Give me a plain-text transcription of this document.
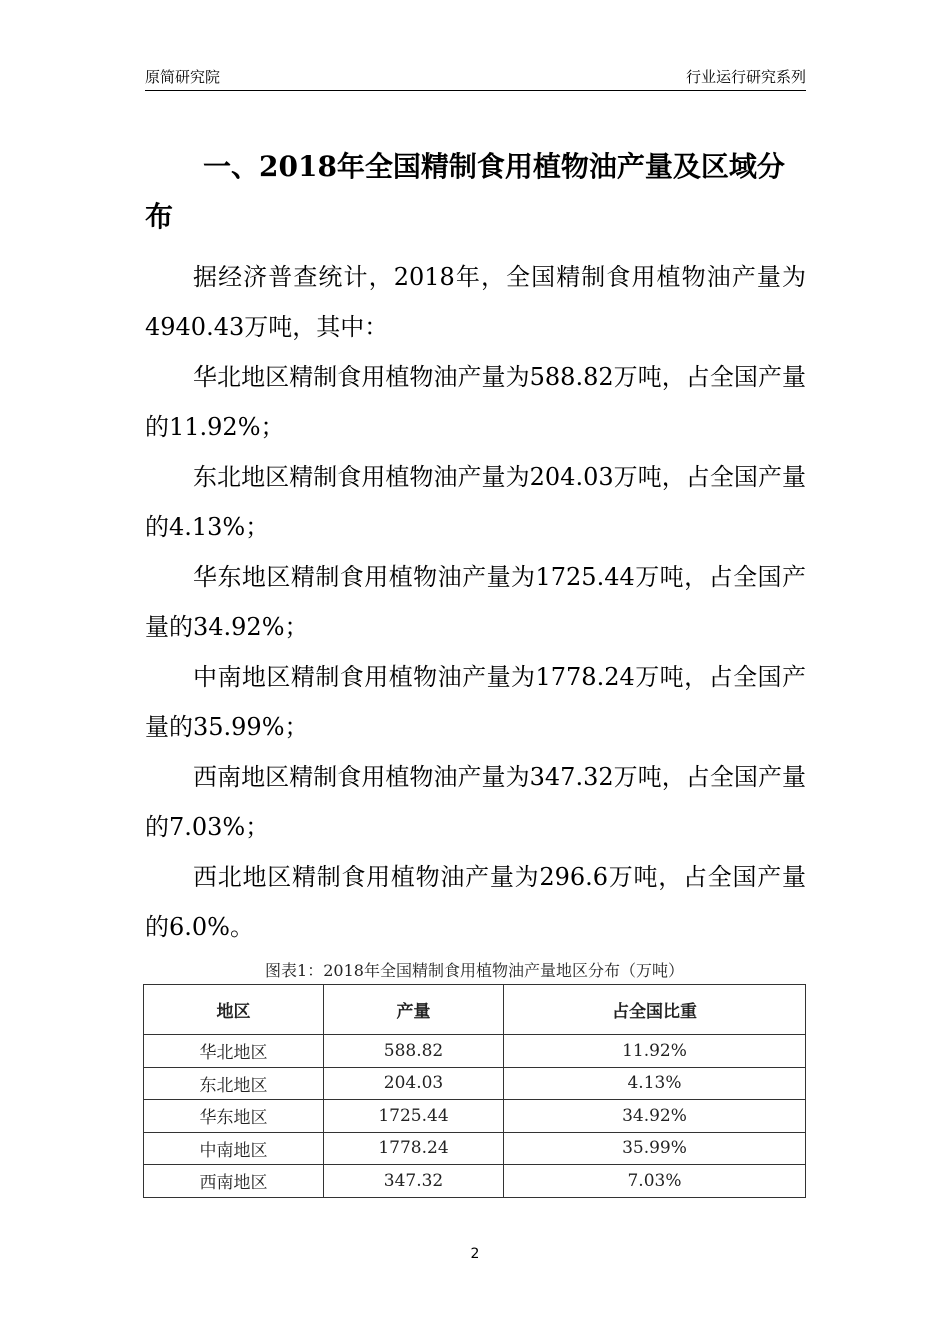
原简研究院	行业运行研究系列
一、2018年全国精制食用植物油产量及区域分布

据经济普查统计，2018年，全国精制食用植物油产量为4940.43万吨，其中：

华北地区精制食用植物油产量为588.82万吨，占全国产量的11.92%；

东北地区精制食用植物油产量为204.03万吨，占全国产量的4.13%；

华东地区精制食用植物油产量为1725.44万吨，占全国产量的34.92%；

中南地区精制食用植物油产量为1778.24万吨，占全国产量的35.99%；

西南地区精制食用植物油产量为347.32万吨，占全国产量的7.03%；

西北地区精制食用植物油产量为296.6万吨，占全国产量的6.0%。

图表1：2018年全国精制食用植物油产量地区分布（万吨）
地区	产量	占全国比重
华北地区	588.82	11.92%
东北地区	204.03	4.13%
华东地区	1725.44	34.92%
中南地区	1778.24	35.99%
西南地区	347.32	7.03%
2
